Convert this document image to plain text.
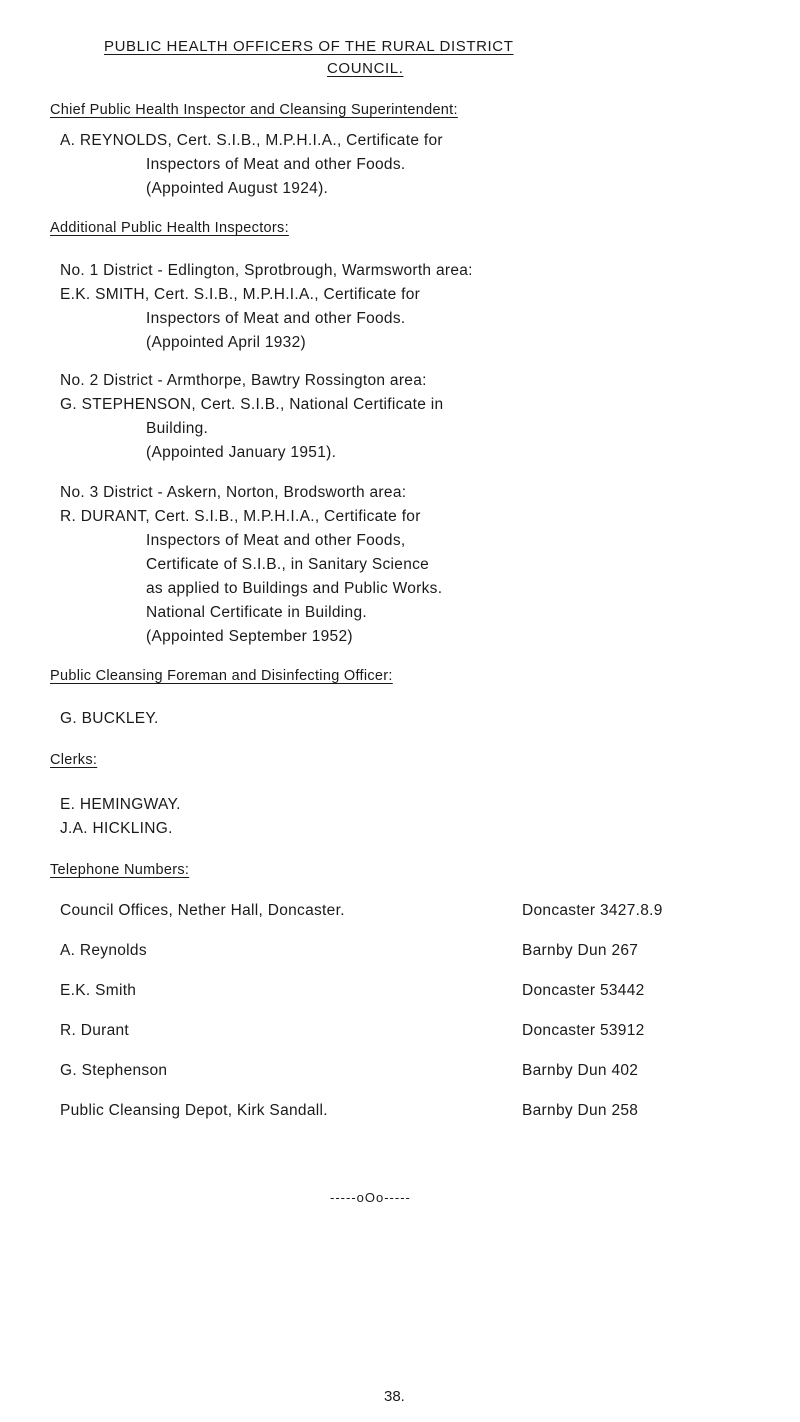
PUBLIC HEALTH OFFICERS OF THE RURAL DISTRICT
COUNCIL.
Chief Public Health Inspector and Cleansing Superintendent:
A. REYNOLDS, Cert. S.I.B., M.P.H.I.A., Certificate for
Inspectors of Meat and other Foods.
(Appointed August 1924).
Additional Public Health Inspectors:
No. 1 District - Edlington, Sprotbrough, Warmsworth area:
E.K. SMITH, Cert. S.I.B., M.P.H.I.A., Certificate for
Inspectors of Meat and other Foods.
(Appointed April 1932)
No. 2 District - Armthorpe, Bawtry Rossington area:
G. STEPHENSON, Cert. S.I.B., National Certificate in
Building.
(Appointed January 1951).
No. 3 District - Askern, Norton, Brodsworth area:
R. DURANT, Cert. S.I.B., M.P.H.I.A., Certificate for
Inspectors of Meat and other Foods,
Certificate of S.I.B., in Sanitary Science
as applied to Buildings and Public Works.
National Certificate in Building.
(Appointed September 1952)
Public Cleansing Foreman and Disinfecting Officer:
G. BUCKLEY.
Clerks:
E. HEMINGWAY.
J.A. HICKLING.
Telephone Numbers:
Council Offices, Nether Hall, Doncaster.	Doncaster 3427.8.9
A. Reynolds	Barnby Dun 267
E.K. Smith	Doncaster 53442
R. Durant	Doncaster 53912
G. Stephenson	Barnby Dun 402
Public Cleansing Depot, Kirk Sandall.	Barnby Dun 258
-----oOo-----
38.
